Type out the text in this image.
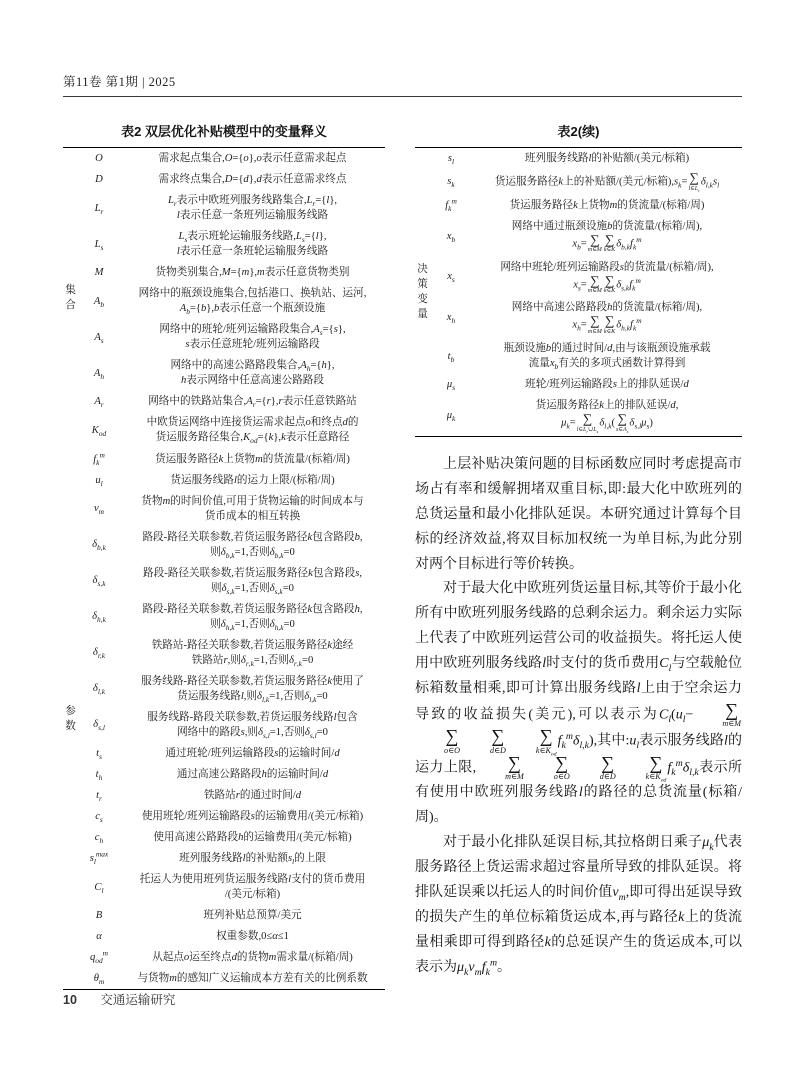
第11卷 第1期 | 2025
表2 双层优化补贴模型中的变量释义
集
合	O	需求起点集合,O={o},o表示任意需求起点
	D	需求终点集合,D={d},d表示任意需求终点
	$L_r$	$L_r$表示中欧班列服务线路集合$,L_r=\{l\}$,
l表示任意一条班列运输服务线路
	$L_s$	$L_s$表示班轮运输服务线路$,L_s=\{l\}$,
l表示任意一条班轮运输服务线路
	M	货物类别集合,M={m},m表示任意货物类别
	$A_b$	网络中的瓶颈设施集合,包括港口、换轨站、运河,
$A_b=\{b\},b$表示任意一个瓶颈设施
	$A_s$	网络中的班轮/班列运输路段集合$,A_s=\{s\}$,
s表示任意班轮/班列运输路段
	$A_h$	网络中的高速公路路段集合$,A_h=\{h\}$,
h表示网络中任意高速公路路段
	$A_r$	网络中的铁路站集合$,A_r=\{r\},r$表示任意铁路站
	$K_{od}$	中欧货运网络中连接货运需求起点o和终点d的
货运服务路径集合$,K_{od}=\{k\},k$表示任意路径
参
数	$f_k^m$	货运服务路径k上货物m的货流量/(标箱/周)
	$u_l$	货运服务线路l的运力上限/(标箱/周)
	$v_m$	货物m的时间价值,可用于货物运输的时间成本与
货币成本的相互转换
	$\delta_{b,k}$	路段-路径关联参数,若货运服务路径k包含路段b,
则$\delta_{b,k}=1$,否则$\delta_{b,k}=0$
	$\delta_{s,k}$	路段-路径关联参数,若货运服务路径k包含路段s,
则$\delta_{s,k}=1$,否则$\delta_{s,k}=0$
	$\delta_{h,k}$	路段-路径关联参数,若货运服务路径k包含路段h,
则$\delta_{h,k}=1$,否则$\delta_{h,k}=0$
	$\delta_{r,k}$	铁路站-路径关联参数,若货运服务路径k途经
铁路站r,则$\delta_{r,k}=1$,否则$\delta_{r,k}=0$
	$\delta_{l,k}$	服务线路-路径关联参数,若货运服务路径k使用了
货运服务线路l,则$\delta_{l,k}=1$,否则$\delta_{l,k}=0$
	$\delta_{s,l}$	服务线路-路段关联参数,若货运服务线路l包含
网络中的路段s,则$\delta_{s,l}=1$,否则$\delta_{s,l}=0$
	$t_s$	通过班轮/班列运输路段s的运输时间/d
	$t_h$	通过高速公路路段h的运输时间/d
	$t_r$	铁路站r的通过时间/d
	$c_s$	使用班轮/班列运输路段s的运输费用/(美元/标箱)
	$c_h$	使用高速公路路段h的运输费用/(美元/标箱)
	$s_l^{max}$	班列服务线路l的补贴额$s_l$的上限
	$C_l$	托运人为使用班列货运服务线路l支付的货币费用
/(美元/标箱)
	B	班列补贴总预算/美元
	α	权重参数,0≤α≤1
	$q_{od}^m$	从起点o运至终点d的货物m需求量/(标箱/周)
	$\theta_m$	与货物m的感知广义运输成本方差有关的比例系数
表2(续)
决
策
变
量	$s_l$	班列服务线路l的补贴额/(美元/标箱)
	$s_k$	货运服务路径k上的补贴额/(美元/标箱)$,s_k=$ ∑
$l\in L_r$
$\delta_{l,k}s_l$
	$f_k^m$	货运服务路径k上货物m的货流量/(标箱/周)
$x_b$	网络中通过瓶颈设施b的货流量/(标箱/周),
$x_b=$ ∑
m∈M
∑
k∈K
$\delta_{b,k}f_k^m$
$x_s$	网络中班轮/班列运输路段s的货流量/(标箱/周),
$x_s=$ ∑
m∈M
∑
k∈K
$\delta_{s,k}f_k^m$
$x_h$	网络中高速公路路段h的货流量/(标箱/周),
$x_h=$ ∑
m∈M
∑
k∈K
$\delta_{h,k}f_k^m$
	$t_b$	瓶颈设施b的通过时间/d,由与该瓶颈设施承载
流量$x_b$有关的多项式函数计算得到
	$\mu_s$	班轮/班列运输路段s上的排队延误/d
$\mu_k$	货运服务路径k上的排队延误/d,
$\mu_k=$ ∑
$l\in L_r\cup L_s$
$\delta_{l,k}$( ∑
$s\in A_s$
$\delta_{s,l}\mu_s$)

上层补贴决策问题的目标函数应同时考虑提高市场占有率和缓解拥堵双重目标,即:最大化中欧班列的总货运量和最小化排队延误。本研究通过计算每个目标的经济效益,将双目标加权统一为单目标,为此分别对两个目标进行等价转换。

对于最大化中欧班列货运量目标,其等价于最小化所有中欧班列服务线路的总剩余运力。剩余运力实际上代表了中欧班列运营公司的收益损失。将托运人使用中欧班列服务线路l时支付的货币费用$C_l$与空载舱位标箱数量相乘,即可计算出服务线路l上由于空余运力导致的收益损失(美元),可以表示为$C_l(u_l-$	∑
m∈M
∑
o∈O
∑
d∈D
∑
$k\in K_{od}$
$f_k^m\delta_{l,k}$),其中$:u_l$表示服务线路l的运力上限,	∑
m∈M
∑
o∈O
∑
d∈D
∑
$k\in K_{od}$
$f_k^m\delta_{l,k}$表示所有使用中欧班列服务线路l的路径的总货流量(标箱/周)。

对于最小化排队延误目标,其拉格朗日乘子$\mu_k$代表服务路径上货运需求超过容量所导致的排队延误。将排队延误乘以托运人的时间价值$v_m$,即可得出延误导致的损失产生的单位标箱货运成本,再与路径k上的货流量相乘即可得到路径k的总延误产生的货运成本,可以表示为$\mu_kv_mf_k^m$。

10 交通运输研究
